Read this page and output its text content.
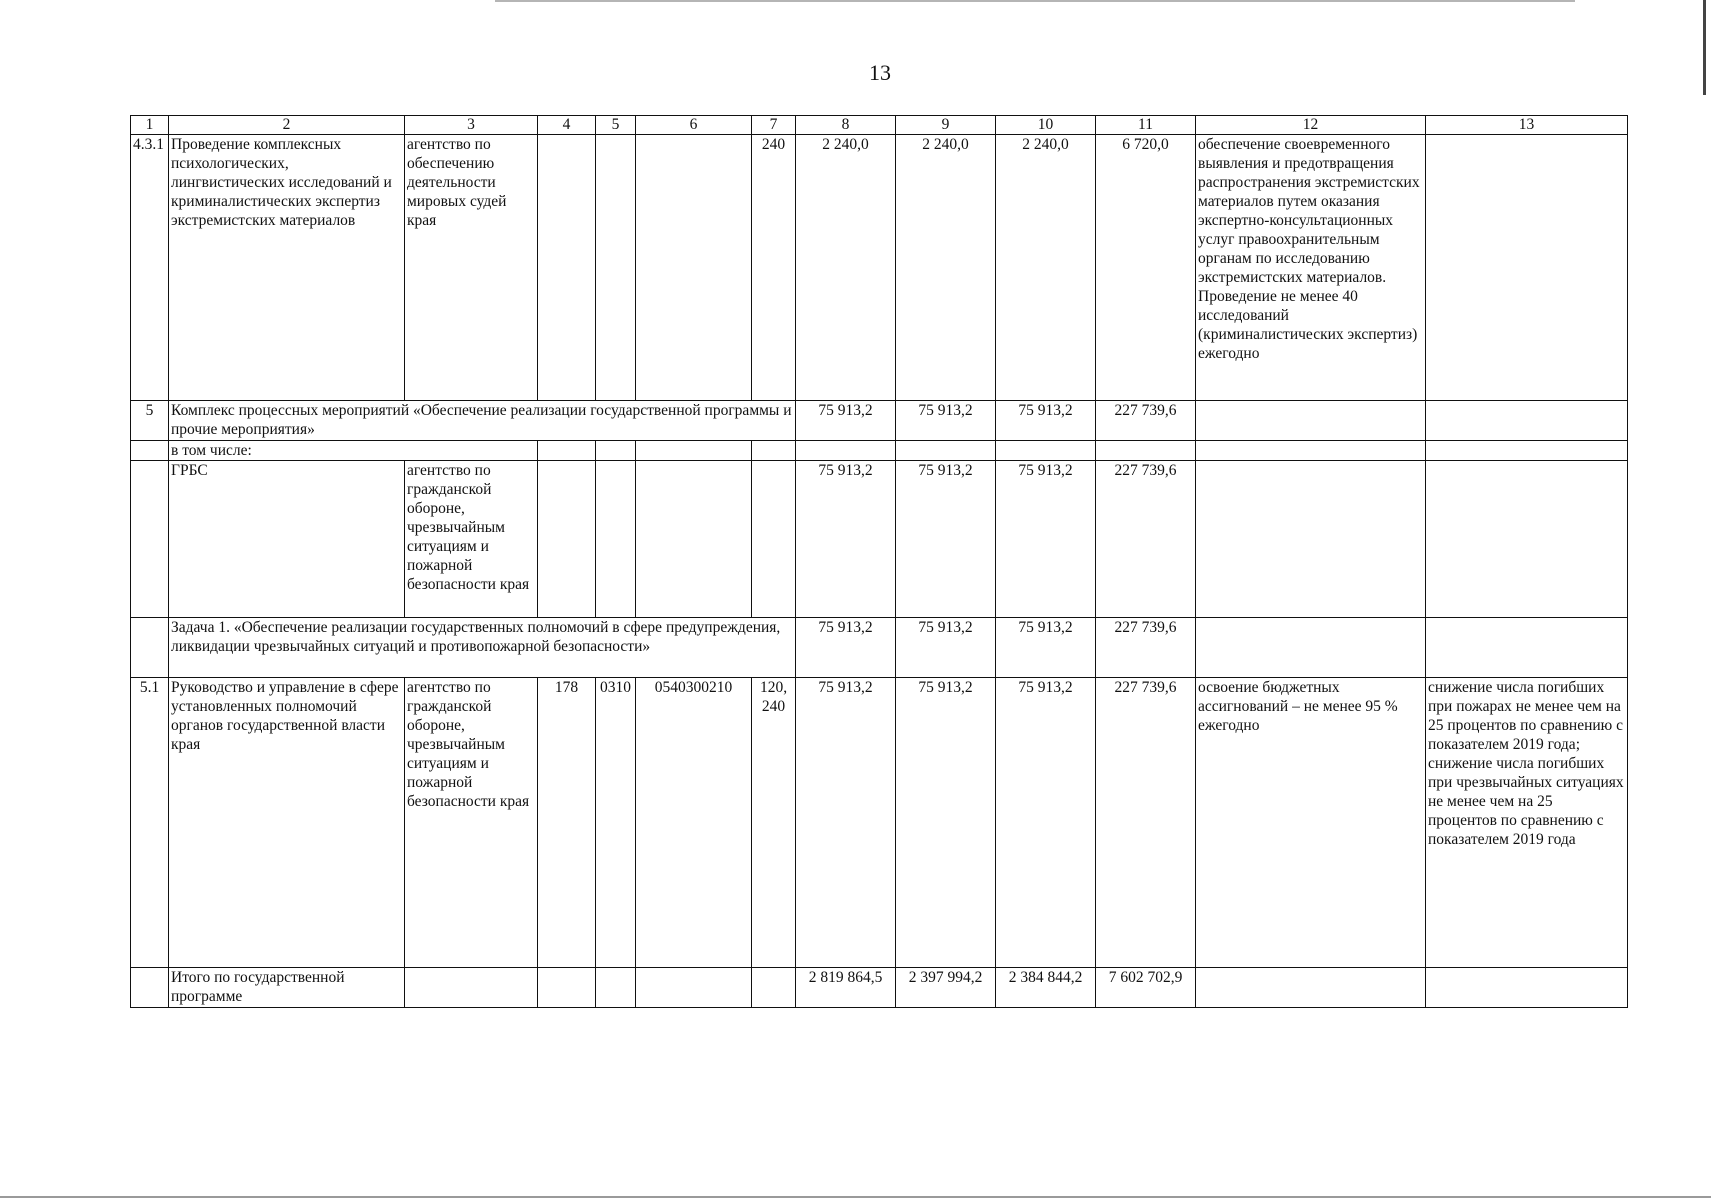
13
1	2	3	4	5	6	7	8	9	10	11	12	13
4.3.1	Проведение комплексных психологических, лингвистических исследований и криминалистических экспертиз экстремистских материалов	агентство по обеспечению деятельности мировых судей края				240	2 240,0	2 240,0	2 240,0	6 720,0	обеспечение своевременного выявления и предотвращения распространения экстремистских материалов путем оказания экспертно-консультационных услуг правоохранительным органам по исследованию экстремистских материалов. Проведение не менее 40 исследований (криминалистических экспертиз) ежегодно	
5	Комплекс процессных мероприятий «Обеспечение реализации государственной программы и прочие мероприятия»						75 913,2	75 913,2	75 913,2	227 739,6		
	в том числе:											
	ГРБС	агентство по гражданской обороне, чрезвычайным ситуациям и пожарной безопасности края					75 913,2	75 913,2	75 913,2	227 739,6		
	Задача 1. «Обеспечение реализации государственных полномочий в сфере предупреждения, ликвидации чрезвычайных ситуаций и противопожарной безопасности»						75 913,2	75 913,2	75 913,2	227 739,6		
5.1	Руководство и управление в сфере установленных полномочий органов государственной власти края	агентство по гражданской обороне, чрезвычайным ситуациям и пожарной безопасности края	178	0310	0540300210	120, 240	75 913,2	75 913,2	75 913,2	227 739,6	освоение бюджетных ассигнований – не менее 95 % ежегодно	снижение числа погибших при пожарах не менее чем на 25 процентов по сравнению с показателем 2019 года; снижение числа погибших при чрезвычайных ситуациях не менее чем на 25 процентов по сравнению с показателем 2019 года
	Итого по государственной программе						2 819 864,5	2 397 994,2	2 384 844,2	7 602 702,9		
